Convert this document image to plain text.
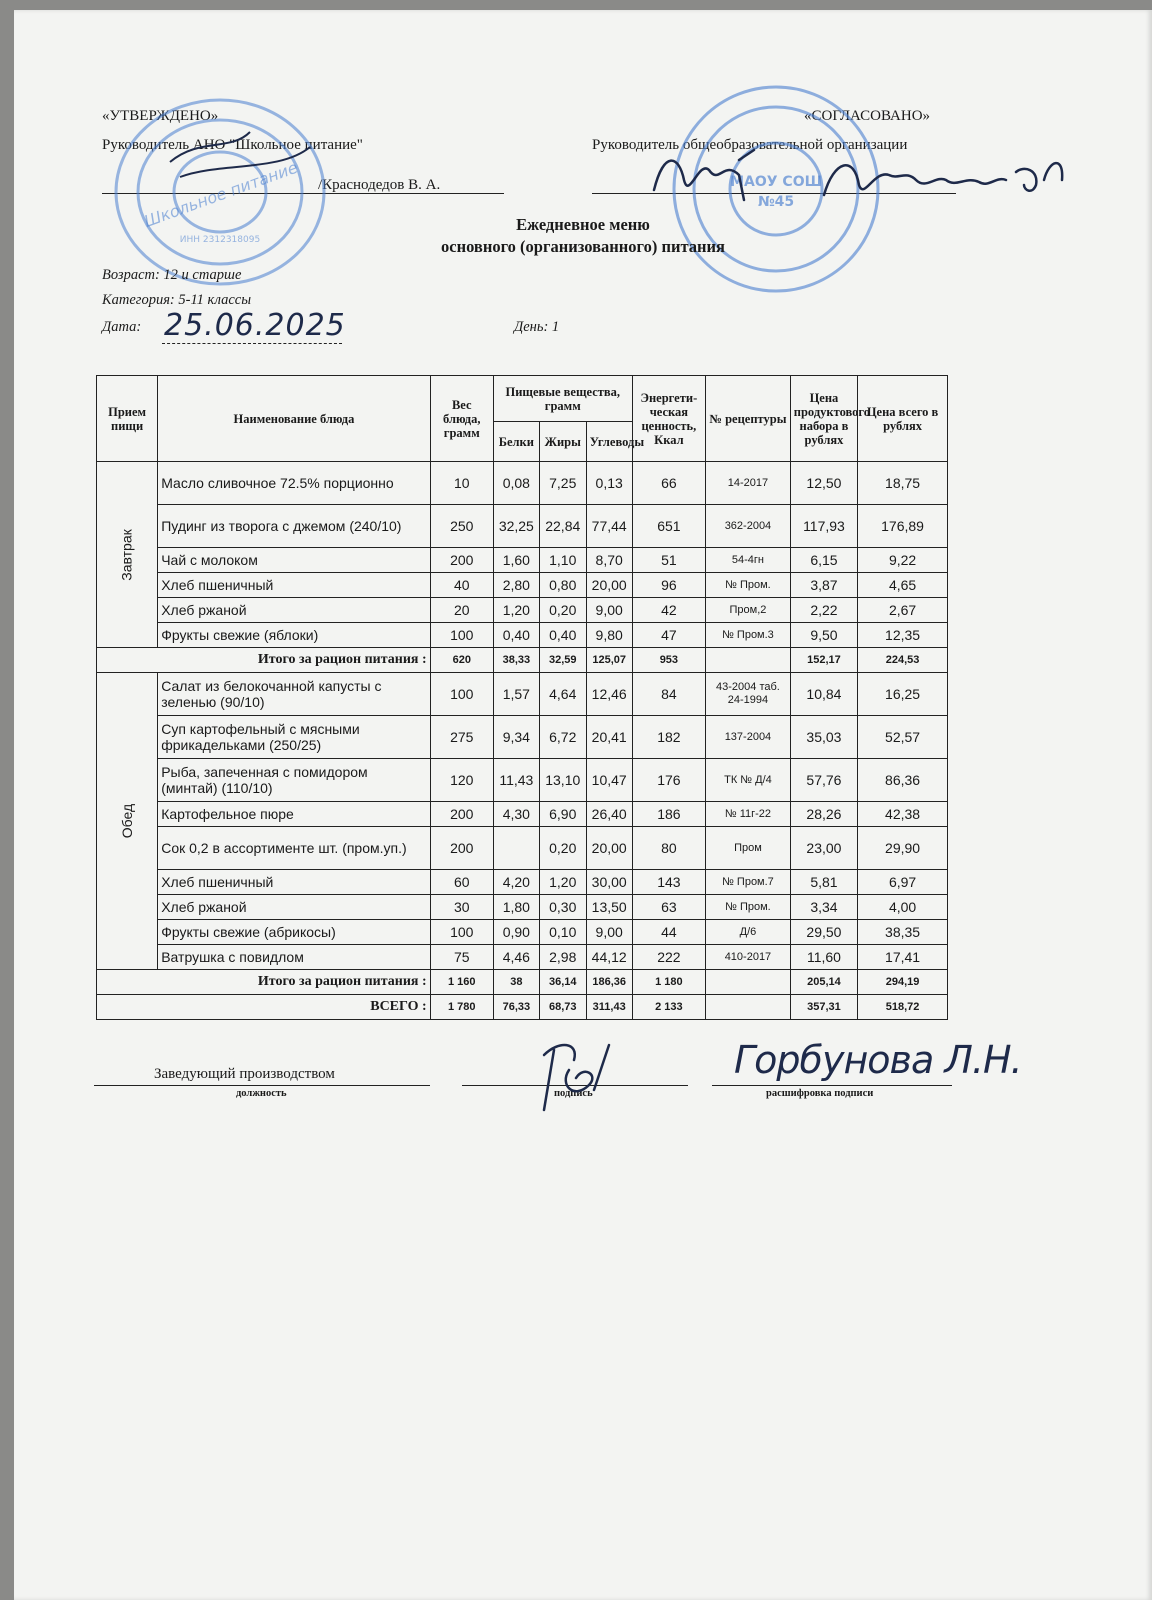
«УТВЕРЖДЕНО»
Руководитель АНО "Школьное питание"
/Краснодедов В. А.
«СОГЛАСОВАНО»
Руководитель общеобразовательной организации
Школьное питание
ИНН 2312318095
МАОУ СОШ
№45
Ежедневное меню
основного (организованного) питания
Возраст: 12 и старше
Категория: 5-11 классы
Дата: 25.06.2025	День: 1
Прием пищи	Наименование блюда	Вес блюда, грамм	Пищевые вещества, грамм			Энергети-ческая ценность, Ккал	№ рецептуры	Цена продуктового набора в рублях	Цена всего в рублях
			Белки	Жиры	Углеводы				
Завтрак	Масло сливочное 72.5% порционно	10	0,08	7,25	0,13	66	14-2017	12,50	18,75
	Пудинг из творога с джемом (240/10)	250	32,25	22,84	77,44	651	362-2004	117,93	176,89
	Чай с молоком	200	1,60	1,10	8,70	51	54-4гн	6,15	9,22
	Хлеб пшеничный	40	2,80	0,80	20,00	96	№ Пром.	3,87	4,65
	Хлеб ржаной	20	1,20	0,20	9,00	42	Пром,2	2,22	2,67
	Фрукты свежие (яблоки)	100	0,40	0,40	9,80	47	№ Пром.3	9,50	12,35
Итого за рацион питания :		620	38,33	32,59	125,07	953		152,17	224,53
Обед	Салат из белокочанной капусты с зеленью (90/10)	100	1,57	4,64	12,46	84	43-2004 таб. 24-1994	10,84	16,25
	Суп картофельный с мясными фрикадельками (250/25)	275	9,34	6,72	20,41	182	137-2004	35,03	52,57
	Рыба, запеченная с помидором (минтай) (110/10)	120	11,43	13,10	10,47	176	ТК № Д/4	57,76	86,36
	Картофельное пюре	200	4,30	6,90	26,40	186	№ 11г-22	28,26	42,38
	Сок 0,2 в ассортименте шт. (пром.уп.)	200		0,20	20,00	80	Пром	23,00	29,90
	Хлеб пшеничный	60	4,20	1,20	30,00	143	№ Пром.7	5,81	6,97
	Хлеб ржаной	30	1,80	0,30	13,50	63	№ Пром.	3,34	4,00
	Фрукты свежие (абрикосы)	100	0,90	0,10	9,00	44	Д/6	29,50	38,35
	Ватрушка с повидлом	75	4,46	2,98	44,12	222	410-2017	11,60	17,41
Итого за рацион питания :		1 160	38	36,14	186,36	1 180		205,14	294,19
ВСЕГО :		1 780	76,33	68,73	311,43	2 133		357,31	518,72
Заведующий производством
должность	подпись	расшифровка подписи
Горбунова Л.Н.
